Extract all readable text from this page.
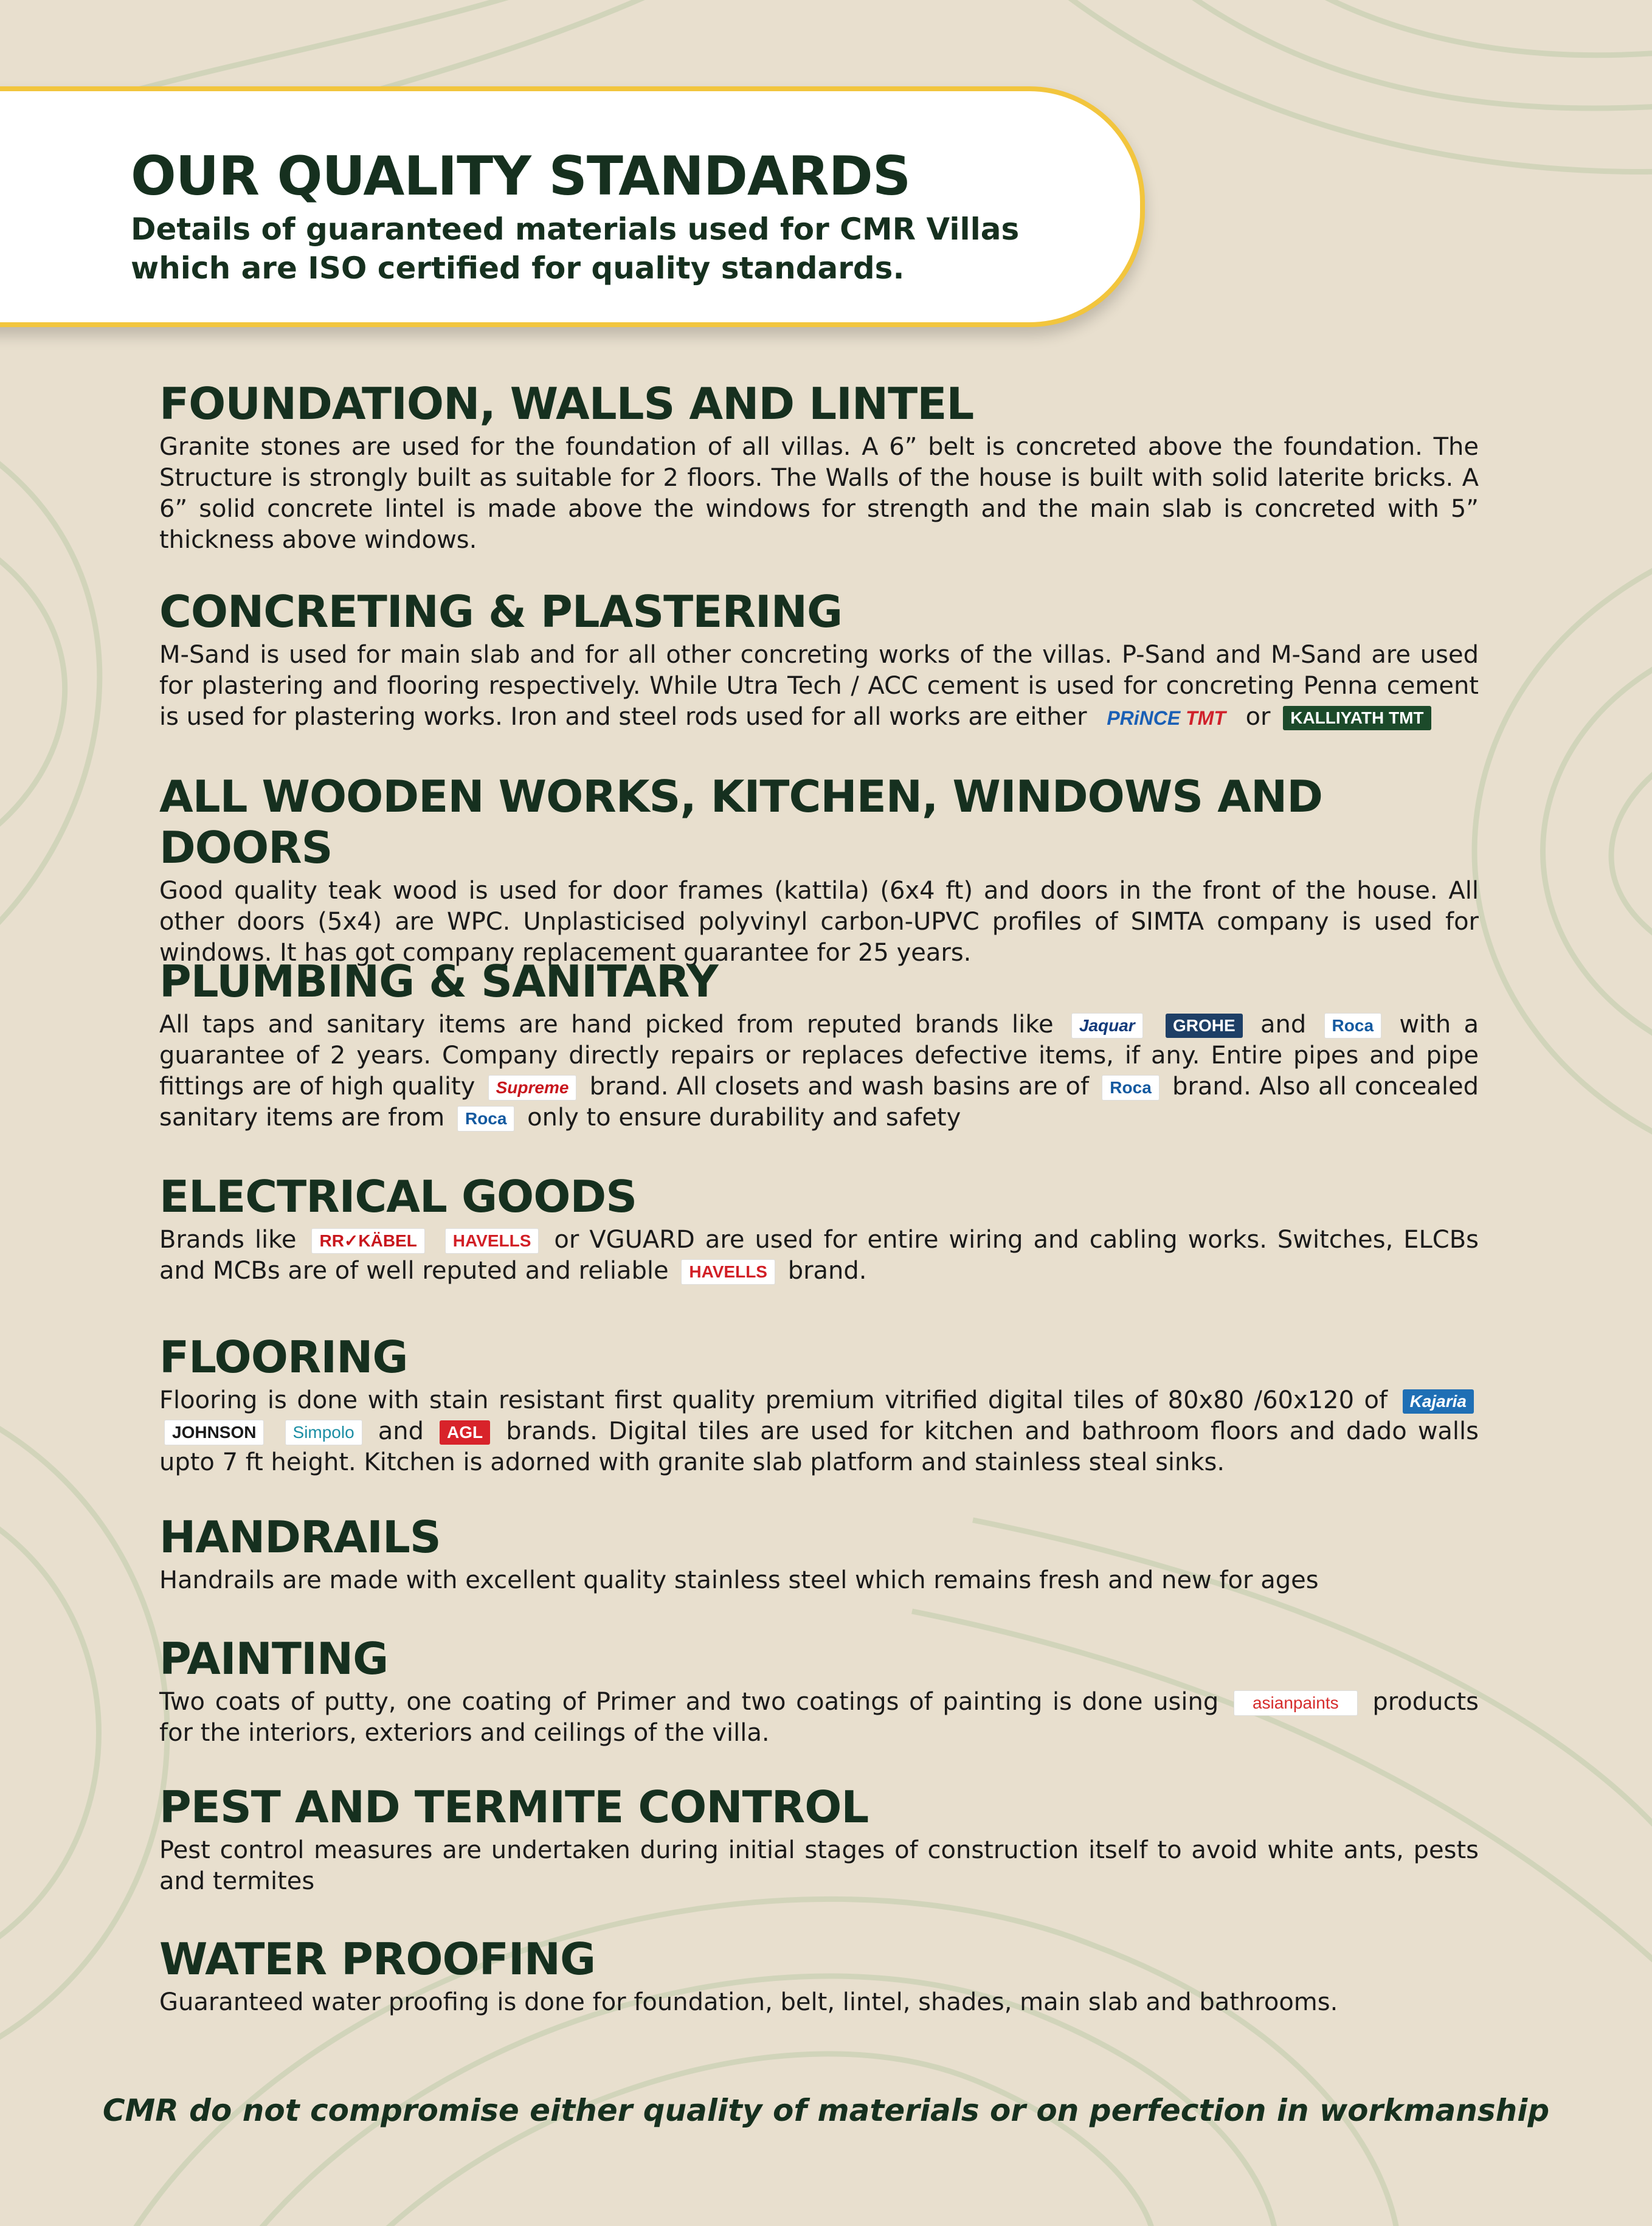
OUR QUALITY STANDARDS

Details of guaranteed materials used for CMR Villas which are ISO certified for quality standards.

FOUNDATION, WALLS AND LINTEL

Granite stones are used for the foundation of all villas. A 6” belt is concreted above the foundation. The Structure is strongly built as suitable for 2 floors. The Walls of the house is built with solid laterite bricks. A 6” solid concrete lintel is made above the windows for strength and the main slab is concreted with 5” thickness above windows.

CONCRETING & PLASTERING

M-Sand is used for main slab and for all other concreting works of the villas. P-Sand and M-Sand are used for plastering and flooring respectively. While Utra Tech / ACC cement is used for concreting Penna cement is used for plastering works. Iron and steel rods used for all works are either PRiNCE TMT or KALLIYATH TMT

ALL WOODEN WORKS, KITCHEN, WINDOWS AND DOORS

Good quality teak wood is used for door frames (kattila) (6x4 ft) and doors in the front of the house. All other doors (5x4) are WPC. Unplasticised polyvinyl carbon-UPVC profiles of SIMTA company is used for windows. It has got company replacement guarantee for 25 years.

PLUMBING & SANITARY

All taps and sanitary items are hand picked from reputed brands like Jaquar GROHE and Roca with a guarantee of 2 years. Company directly repairs or replaces defective items, if any. Entire pipes and pipe fittings are of high quality Supreme brand. All closets and wash basins are of Roca brand. Also all concealed sanitary items are from Roca only to ensure durability and safety

ELECTRICAL GOODS

Brands like RR✓KÄBEL HAVELLS or VGUARD are used for entire wiring and cabling works. Switches, ELCBs and MCBs are of well reputed and reliable HAVELLS brand.

FLOORING

Flooring is done with stain resistant first quality premium vitrified digital tiles of 80x80 /60x120 of Kajaria JOHNSON Simpolo and AGL brands. Digital tiles are used for kitchen and bathroom floors and dado walls upto 7 ft height. Kitchen is adorned with granite slab platform and stainless steal sinks.

HANDRAILS

Handrails are made with excellent quality stainless steel which remains fresh and new for ages

PAINTING

Two coats of putty, one coating of Primer and two coatings of painting is done using asianpaints products for the interiors, exteriors and ceilings of the villa.

PEST AND TERMITE CONTROL

Pest control measures are undertaken during initial stages of construction itself to avoid white ants, pests and termites

WATER PROOFING

Guaranteed water proofing is done for foundation, belt, lintel, shades, main slab and bathrooms.

CMR do not compromise either quality of materials or on perfection in workmanship
